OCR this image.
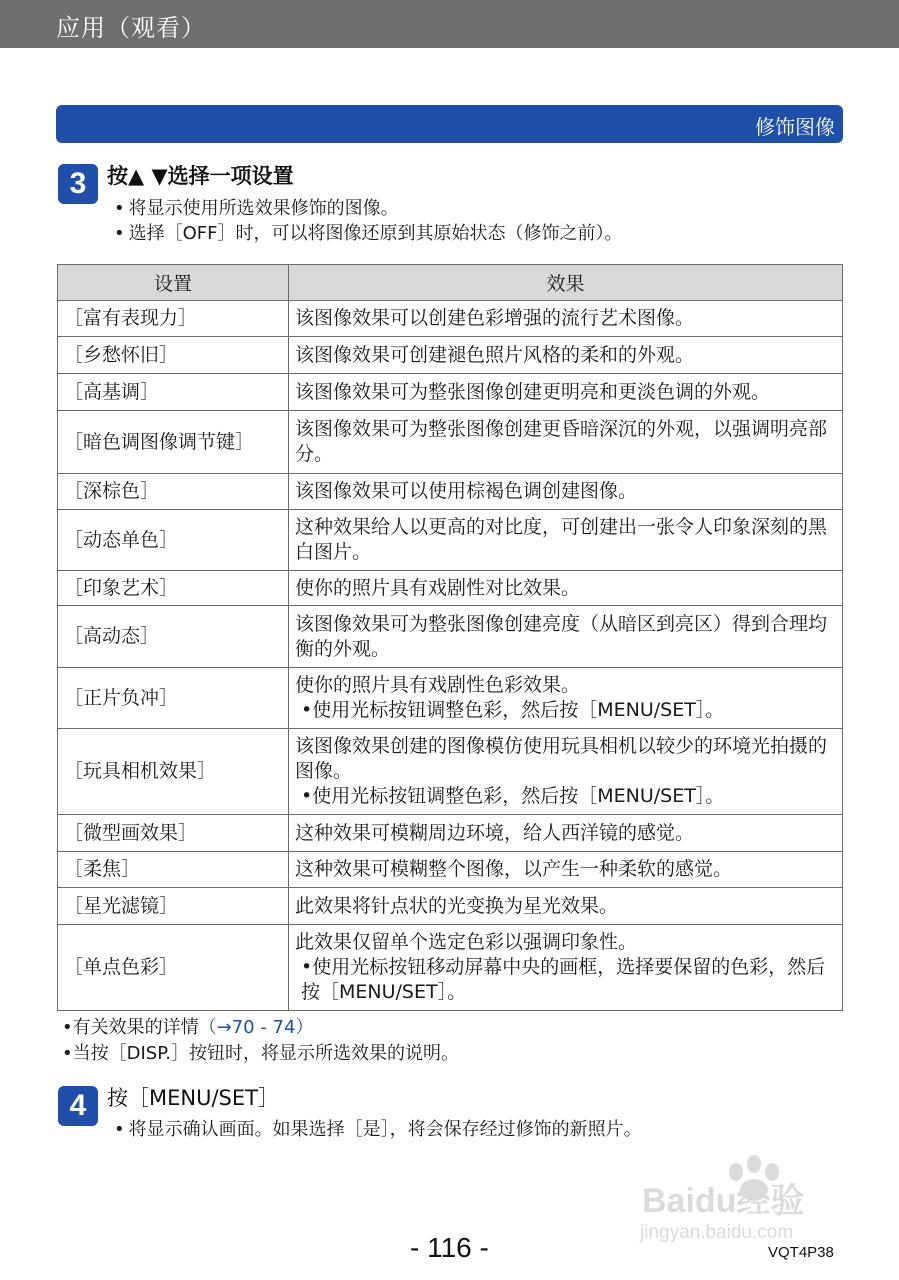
应用（观看）
修饰图像
3 按▲ ▼选择一项设置
• 将显示使用所选效果修饰的图像。
• 选择［OFF］时，可以将图像还原到其原始状态（修饰之前）。
设置	效果
［富有表现力］	该图像效果可以创建色彩增强的流行艺术图像。
［乡愁怀旧］	该图像效果可创建褪色照片风格的柔和的外观。
［高基调］	该图像效果可为整张图像创建更明亮和更淡色调的外观。
［暗色调图像调节键］	该图像效果可为整张图像创建更昏暗深沉的外观，以强调明亮部分。
［深棕色］	该图像效果可以使用棕褐色调创建图像。
［动态单色］	这种效果给人以更高的对比度，可创建出一张令人印象深刻的黑白图片。
［印象艺术］	使你的照片具有戏剧性对比效果。
［高动态］	该图像效果可为整张图像创建亮度（从暗区到亮区）得到合理均衡的外观。
［正片负冲］	使你的照片具有戏剧性色彩效果。
•使用光标按钮调整色彩，然后按［MENU/SET］。

［玩具相机效果］	该图像效果创建的图像模仿使用玩具相机以较少的环境光拍摄的图像。
•使用光标按钮调整色彩，然后按［MENU/SET］。

［微型画效果］	这种效果可模糊周边环境，给人西洋镜的感觉。
［柔焦］	这种效果可模糊整个图像，以产生一种柔软的感觉。
［星光滤镜］	此效果将针点状的光变换为星光效果。
［单点色彩］	此效果仅留单个选定色彩以强调印象性。
•使用光标按钮移动屏幕中央的画框，选择要保留的色彩，然后按［MENU/SET］。
•有关效果的详情（→70 - 74）
•当按［DISP.］按钮时，将显示所选效果的说明。
4 按［MENU/SET］
• 将显示确认画面。如果选择［是］，将会保存经过修饰的新照片。
Baidu经验
jingyan.baidu.com
- 116 -	VQT4P38
